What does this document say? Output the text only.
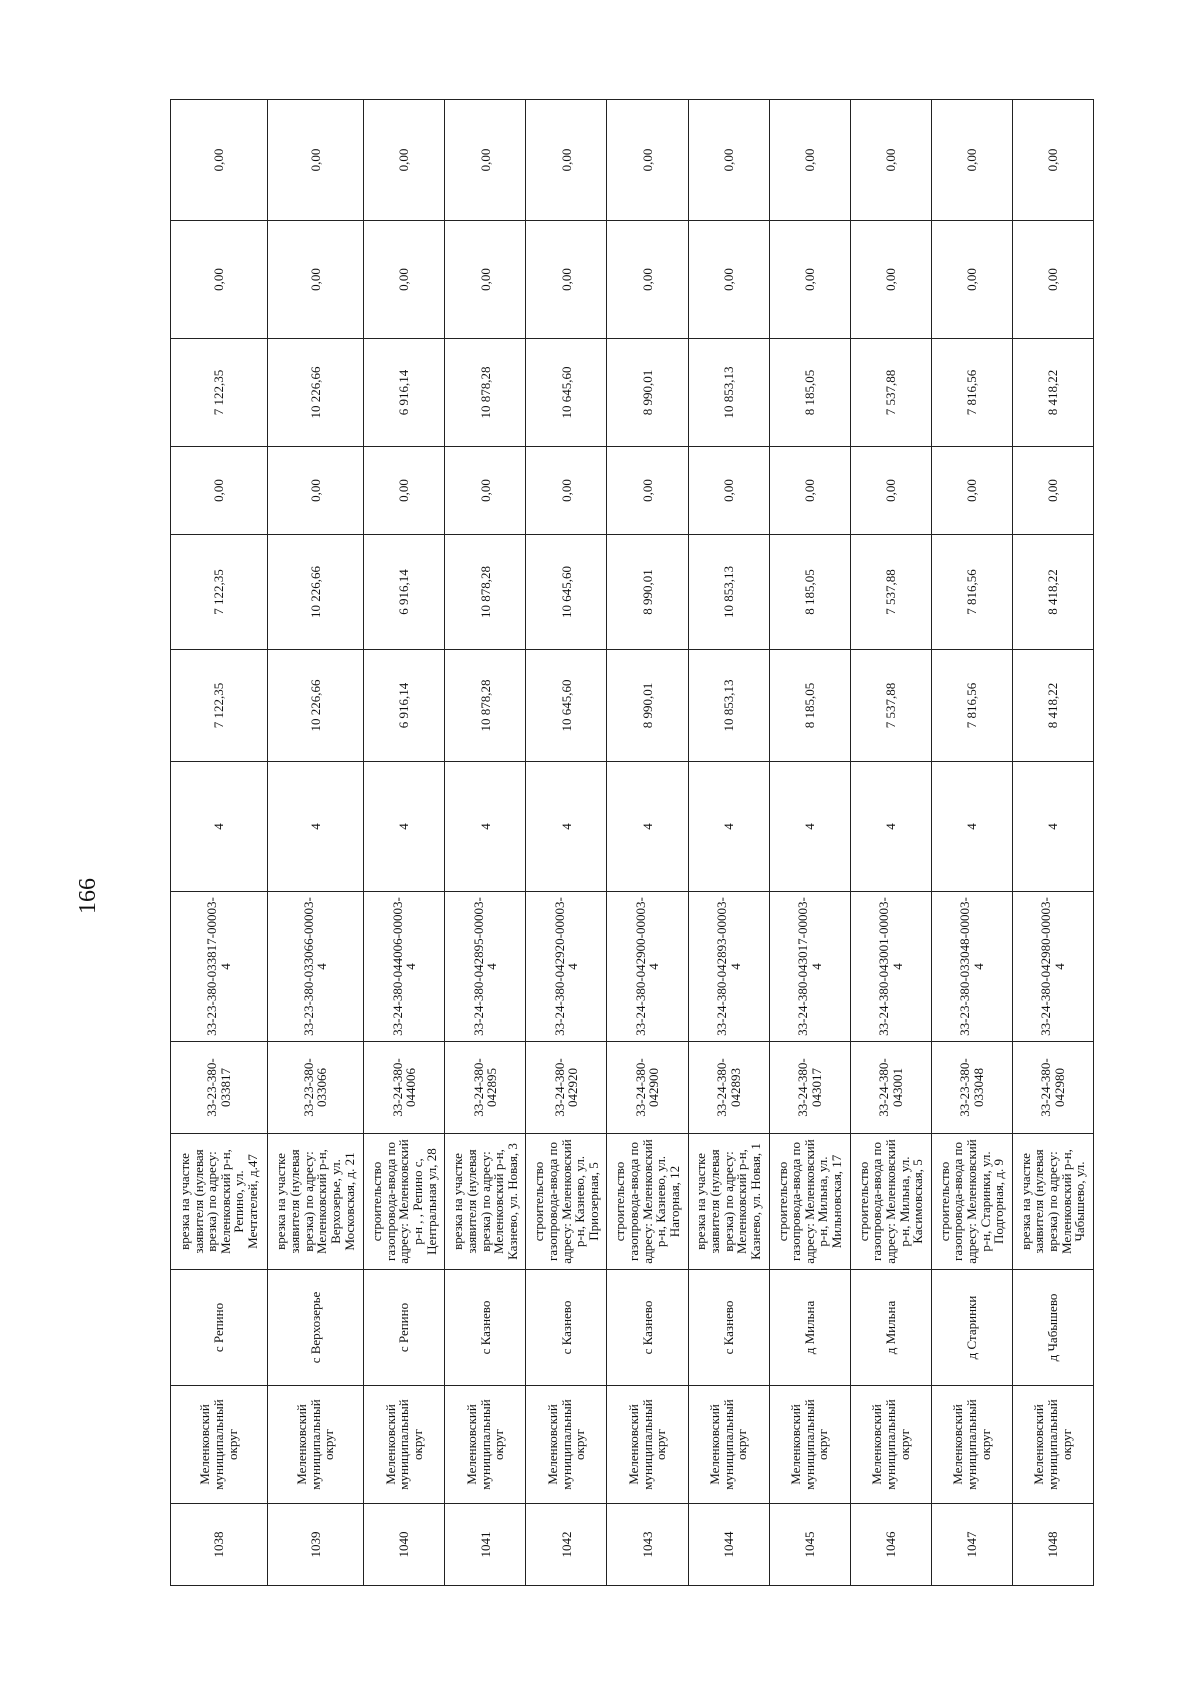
166
1038	Меленковский муниципальный округ	с Репино	врезка на участке заявителя (нулевая врезка) по адресу: Меленковский р-н, Репино, ул. Мечтателей, д.47	33-23-380-033817	33-23-380-033817-00003-4	4	7 122,35	7 122,35	0,00	7 122,35	0,00	0,00
1039	Меленковский муниципальный округ	с Верхозерье	врезка на участке заявителя (нулевая врезка) по адресу: Меленковский р-н, Верхозерье, ул. Московская, д. 21	33-23-380-033066	33-23-380-033066-00003-4	4	10 226,66	10 226,66	0,00	10 226,66	0,00	0,00
1040	Меленковский муниципальный округ	с Репино	строительство газопровода-ввода по адресу: Меленковский р-н , , Репино с, Центральная ул, 28	33-24-380-044006	33-24-380-044006-00003-4	4	6 916,14	6 916,14	0,00	6 916,14	0,00	0,00
1041	Меленковский муниципальный округ	с Казнево	врезка на участке заявителя (нулевая врезка) по адресу: Меленковский р-н, Казнево, ул. Новая, 3	33-24-380-042895	33-24-380-042895-00003-4	4	10 878,28	10 878,28	0,00	10 878,28	0,00	0,00
1042	Меленковский муниципальный округ	с Казнево	строительство газопровода-ввода по адресу: Меленковский р-н, Казнево, ул. Приозерная, 5	33-24-380-042920	33-24-380-042920-00003-4	4	10 645,60	10 645,60	0,00	10 645,60	0,00	0,00
1043	Меленковский муниципальный округ	с Казнево	строительство газопровода-ввода по адресу: Меленковский р-н, Казнево, ул. Нагорная, 12	33-24-380-042900	33-24-380-042900-00003-4	4	8 990,01	8 990,01	0,00	8 990,01	0,00	0,00
1044	Меленковский муниципальный округ	с Казнево	врезка на участке заявителя (нулевая врезка) по адресу: Меленковский р-н, Казнево, ул. Новая, 1	33-24-380-042893	33-24-380-042893-00003-4	4	10 853,13	10 853,13	0,00	10 853,13	0,00	0,00
1045	Меленковский муниципальный округ	д Мильна	строительство газопровода-ввода по адресу: Меленковский р-н, Мильна, ул. Мильновская, 17	33-24-380-043017	33-24-380-043017-00003-4	4	8 185,05	8 185,05	0,00	8 185,05	0,00	0,00
1046	Меленковский муниципальный округ	д Мильна	строительство газопровода-ввода по адресу: Меленковский р-н, Мильна, ул. Касимовская, 5	33-24-380-043001	33-24-380-043001-00003-4	4	7 537,88	7 537,88	0,00	7 537,88	0,00	0,00
1047	Меленковский муниципальный округ	д Старинки	строительство газопровода-ввода по адресу: Меленковский р-н, Старинки, ул. Подгорная, д. 9	33-23-380-033048	33-23-380-033048-00003-4	4	7 816,56	7 816,56	0,00	7 816,56	0,00	0,00
1048	Меленковский муниципальный округ	д Чабышево	врезка на участке заявителя (нулевая врезка) по адресу: Меленковский р-н, Чабышево, ул.	33-24-380-042980	33-24-380-042980-00003-4	4	8 418,22	8 418,22	0,00	8 418,22	0,00	0,00
